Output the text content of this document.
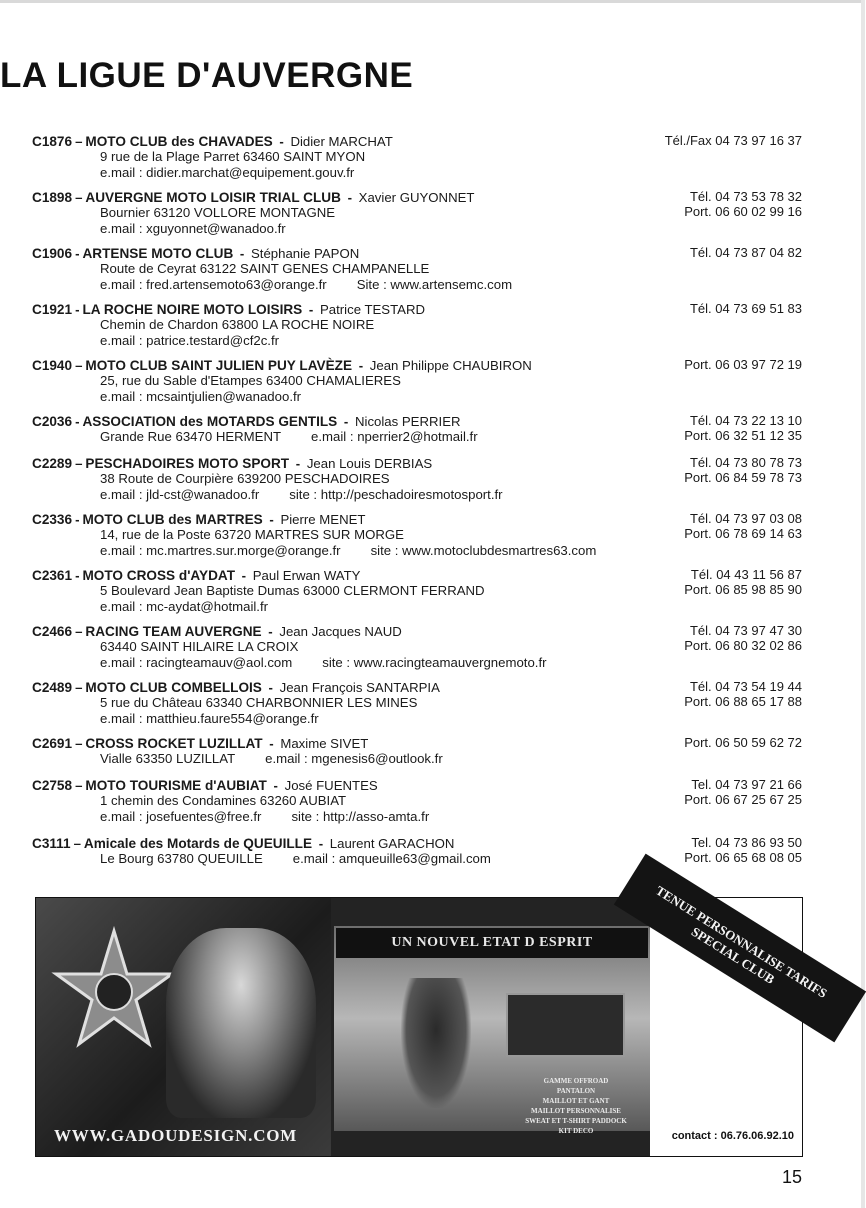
LA LIGUE D'AUVERGNE
C1876 – MOTO CLUB des CHAVADES - Didier MARCHAT
9 rue de la Plage Parret 63460 SAINT MYON
e.mail : didier.marchat@equipement.gouv.fr
Tél./Fax 04 73 97 16 37
C1898 – AUVERGNE MOTO LOISIR TRIAL CLUB - Xavier GUYONNET
Bournier 63120 VOLLORE MONTAGNE
e.mail : xguyonnet@wanadoo.fr
Tél. 04 73 53 78 32
Port. 06 60 02 99 16
C1906 - ARTENSE MOTO CLUB - Stéphanie PAPON
Route de Ceyrat 63122 SAINT GENES CHAMPANELLE
e.mail : fred.artensemoto63@orange.fr Site : www.artensemc.com
Tél. 04 73 87 04 82
C1921 - LA ROCHE NOIRE MOTO LOISIRS - Patrice TESTARD
Chemin de Chardon 63800 LA ROCHE NOIRE
e.mail : patrice.testard@cf2c.fr
Tél. 04 73 69 51 83
C1940 – MOTO CLUB SAINT JULIEN PUY LAVÈZE - Jean Philippe CHAUBIRON
25, rue du Sable d'Etampes 63400 CHAMALIERES
e.mail : mcsaintjulien@wanadoo.fr
Port. 06 03 97 72 19
C2036 - ASSOCIATION des MOTARDS GENTILS - Nicolas PERRIER
Grande Rue 63470 HERMENT e.mail : nperrier2@hotmail.fr
Tél. 04 73 22 13 10
Port. 06 32 51 12 35
C2289 – PESCHADOIRES MOTO SPORT - Jean Louis DERBIAS
38 Route de Courpière 639200 PESCHADOIRES
e.mail : jld-cst@wanadoo.fr site : http://peschadoiresmotosport.fr
Tél. 04 73 80 78 73
Port. 06 84 59 78 73
C2336 - MOTO CLUB des MARTRES - Pierre MENET
14, rue de la Poste 63720 MARTRES SUR MORGE
e.mail : mc.martres.sur.morge@orange.fr site : www.motoclubdesmartres63.com
Tél. 04 73 97 03 08
Port. 06 78 69 14 63
C2361 - MOTO CROSS d'AYDAT - Paul Erwan WATY
5 Boulevard Jean Baptiste Dumas 63000 CLERMONT FERRAND
e.mail : mc-aydat@hotmail.fr
Tél. 04 43 11 56 87
Port. 06 85 98 85 90
C2466 – RACING TEAM AUVERGNE - Jean Jacques NAUD
63440 SAINT HILAIRE LA CROIX
e.mail : racingteamauv@aol.com site : www.racingteamauvergnemoto.fr
Tél. 04 73 97 47 30
Port. 06 80 32 02 86
C2489 – MOTO CLUB COMBELLOIS - Jean François SANTARPIA
5 rue du Château 63340 CHARBONNIER LES MINES
e.mail : matthieu.faure554@orange.fr
Tél. 04 73 54 19 44
Port. 06 88 65 17 88
C2691 – CROSS ROCKET LUZILLAT - Maxime SIVET
Vialle 63350 LUZILLAT e.mail : mgenesis6@outlook.fr
Port. 06 50 59 62 72
C2758 – MOTO TOURISME d'AUBIAT - José FUENTES
1 chemin des Condamines 63260 AUBIAT
e.mail : josefuentes@free.fr site : http://asso-amta.fr
Tel. 04 73 97 21 66
Port. 06 67 25 67 25
C3111 – Amicale des Motards de QUEUILLE - Laurent GARACHON
Le Bourg 63780 QUEUILLE e.mail : amqueuille63@gmail.com
Tel. 04 73 86 93 50
Port. 06 65 68 08 05
UN NOUVEL ETAT D ESPRIT
GAMME OFFROAD
PANTALON
MAILLOT ET GANT
MAILLOT PERSONNALISE
SWEAT ET T-SHIRT PADDOCK
KIT DECO
WWW.GADOUDESIGN.COM
TENUE PERSONNALISE TARIFS SPECIAL CLUB
contact : 06.76.06.92.10
15
